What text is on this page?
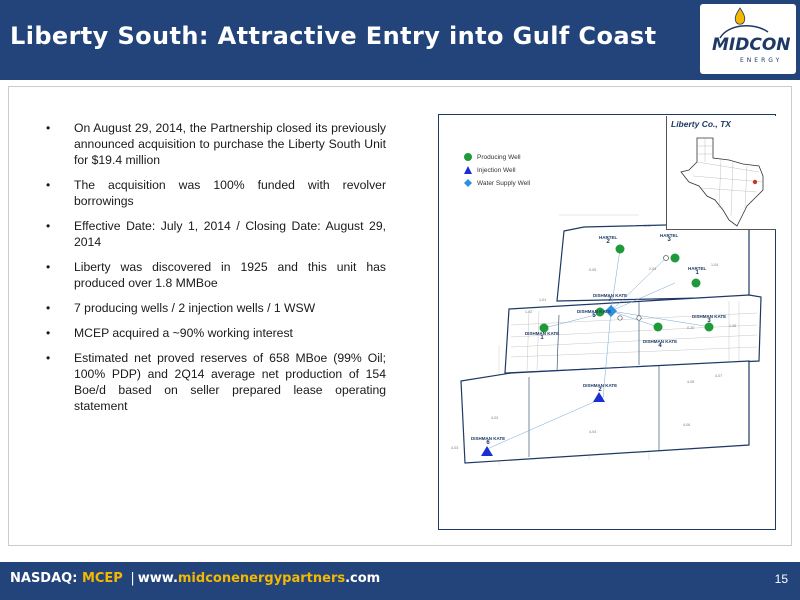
Liberty South: Attractive Entry into Gulf Coast	MIDCON
ENERGY
• On August 29, 2014, the Partnership closed its previously announced acquisition to purchase the Liberty South Unit for $19.4 million
• The acquisition was 100% funded with revolver borrowings
• Effective Date: July 1, 2014 / Closing Date: August 29, 2014
• Liberty was discovered in 1925 and this unit has produced over 1.8 MMBoe
• 7 producing wells / 2 injection wells / 1 WSW
• MCEP acquired a ~90% working interest
• Estimated net proved reserves of 658 MBoe (99% Oil; 100% PDP) and 2Q14 average net production of 154 Boe/d based on seller prepared lease operating statement
1-01
0-05	2-03
1-04
1-01
1-02
0-20	1-06
4-07
4-05
4-02
4-04
4-06
4-03
HARTEL
2
HARTEL
3
HARTEL
1
DISHMAN KATE
7
DISHMAN KATE
5	DISHMAN KATE
3
DISHMAN KATE
1
DISHMAN KATE
4
DISHMAN KATE
2
DISHMAN KATE
6
Producing Well
Injection Well
Water Supply Well
Liberty Co., TX
NASDAQ: MCEP | www.midconenergypartners.com	15
